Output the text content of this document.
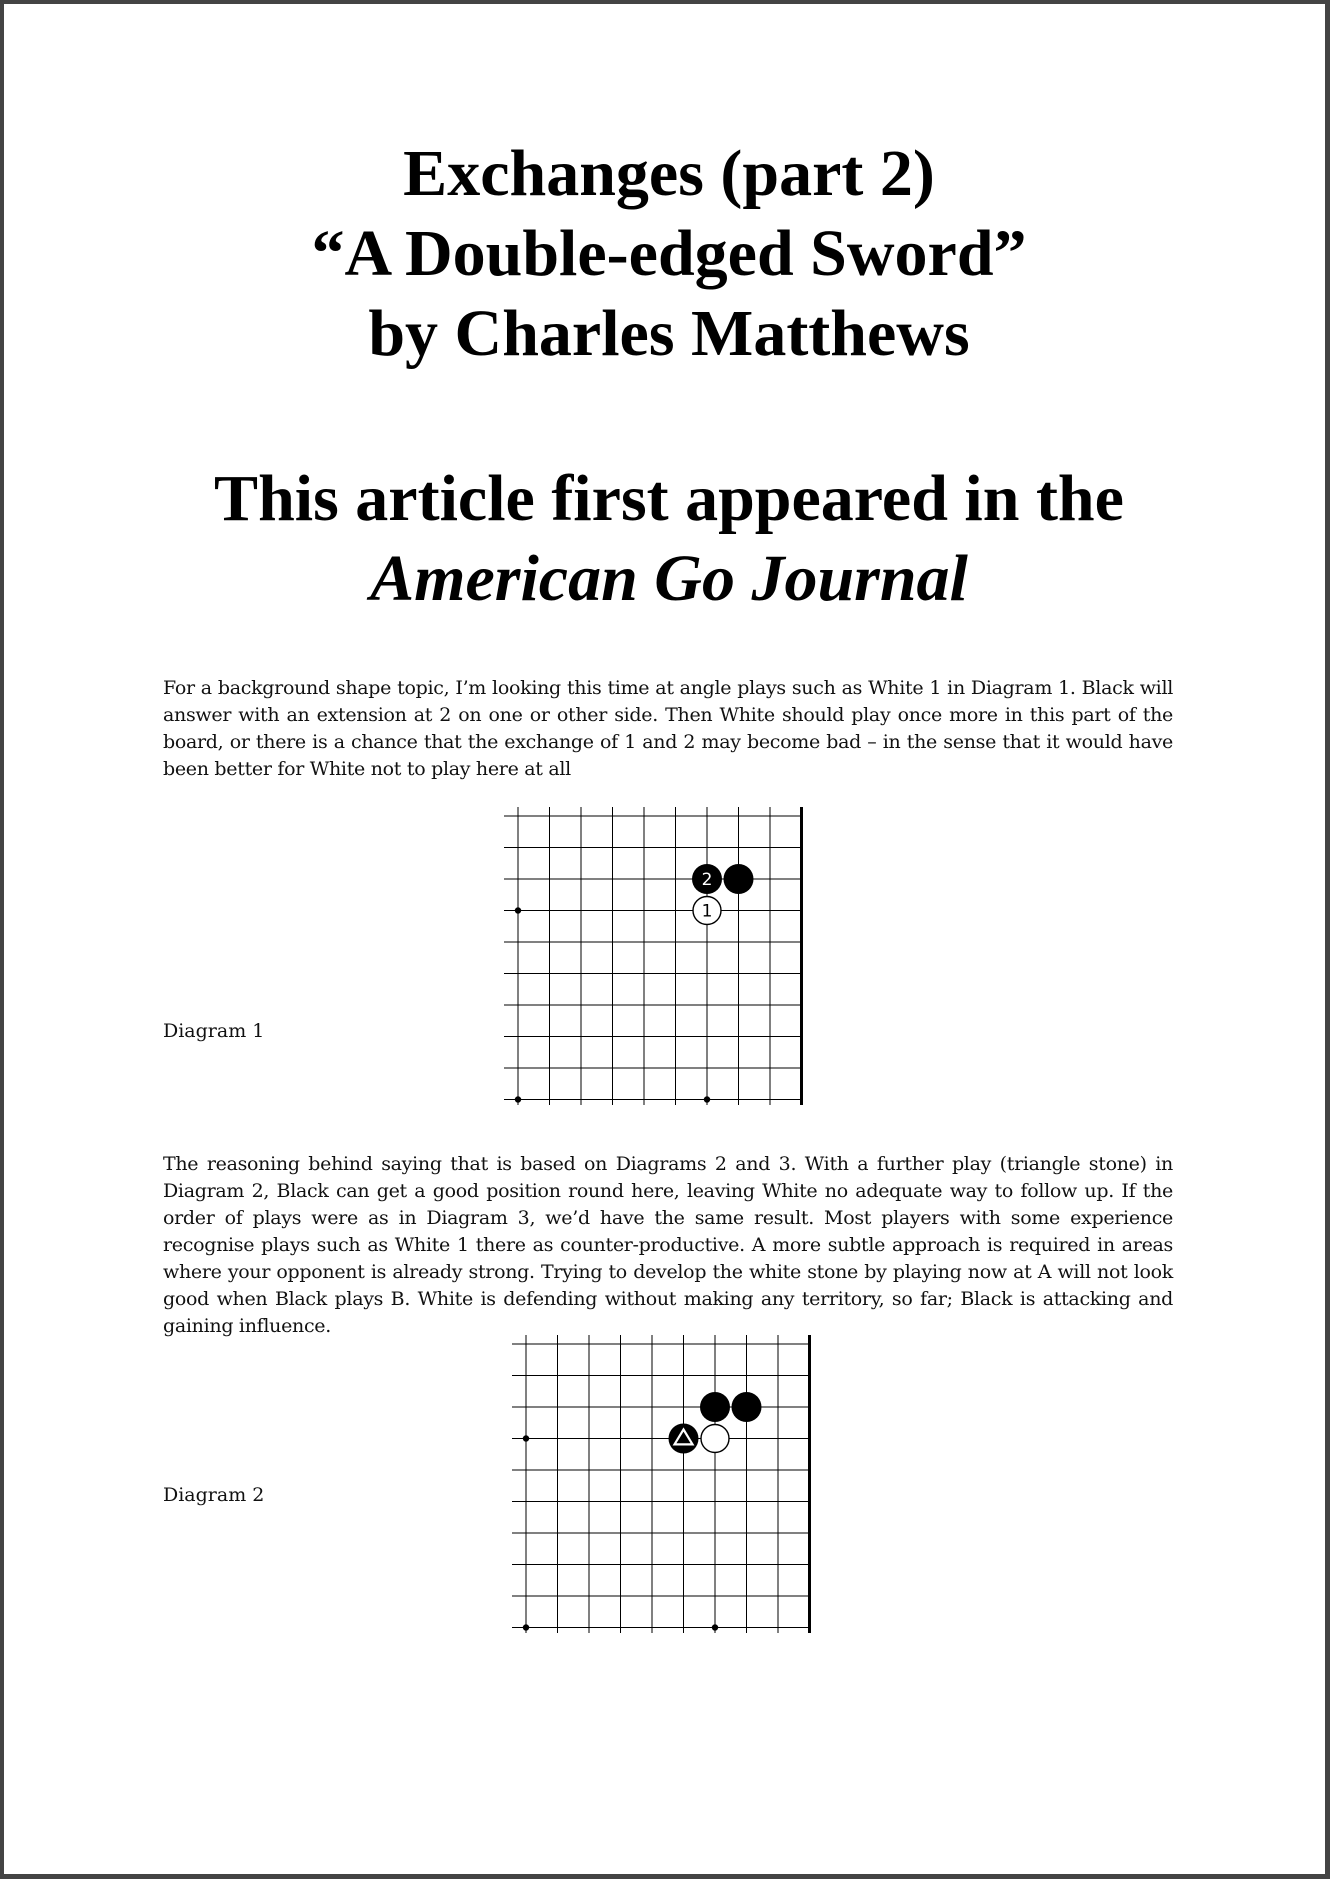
Exchanges (part 2)
“A Double-edged Sword”
by Charles Matthews
This article first appeared in the
American Go Journal

For a background shape topic, I’m looking this time at angle plays such as White 1 in Diagram 1. Black will answer with an extension at 2 on one or other side. Then White should play once more in this part of the board, or there is a chance that the exchange of 1 and 2 may become bad – in the sense that it would have been better for White not to play here at all

Diagram 1
2
1

The reasoning behind saying that is based on Diagrams 2 and 3. With a further play (triangle stone) in Diagram 2, Black can get a good position round here, leaving White no adequate way to follow up. If the order of plays were as in Diagram 3, we’d have the same result. Most players with some experience recognise plays such as White 1 there as counter-productive. A more subtle approach is required in areas where your opponent is already strong. Trying to develop the white stone by playing now at A will not look good when Black plays B. White is defending without making any territory, so far; Black is attacking and gaining influence.

Diagram 2
